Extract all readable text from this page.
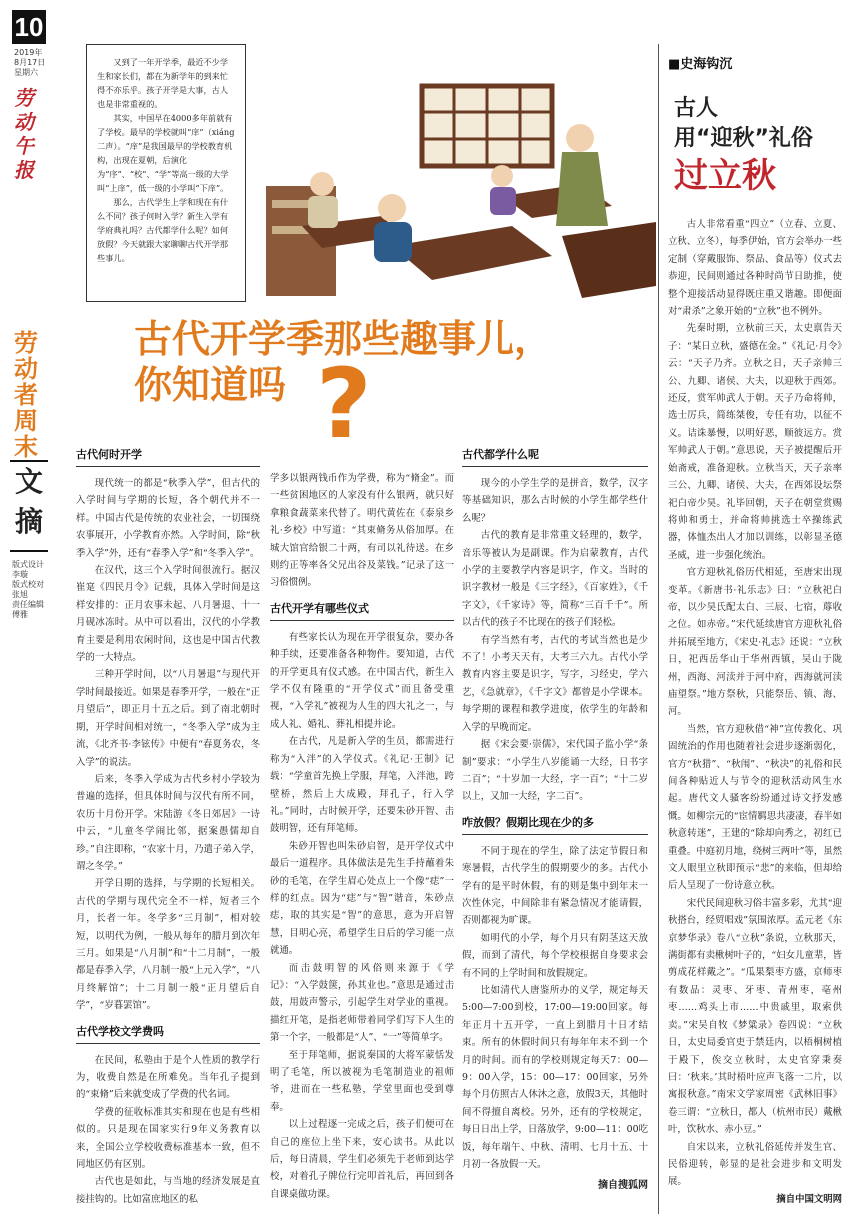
10
2019年
8月17日
星期六
劳动午报
劳动者周末
文摘
版式设计 李璇
版式校对 张旭
责任编辑 傅雅

又到了一年开学季，最近不少学生和家长们，都在为新学年的到来忙得不亦乐乎。孩子开学是大事，古人也是非常重视的。

其实，中国早在4000多年前就有了学校。最早的学校就叫“庠”（xiáng二声）。“庠”是我国最早的学校教育机构，出现在夏朝，后演化为“序”、“校”、“学”等高一级的大学叫“上庠”，低一级的小学叫“下庠”。

那么，古代学生上学和现在有什么不同？孩子何时入学？新生入学有学府典礼吗？古代都学什么呢？如何放假？今天就跟大家聊聊古代开学那些事儿。

古代开学季那些趣事儿，
你知道吗 ?
古代何时开学

现代统一的都是“秋季入学”，但古代的入学时间与学期的长短，各个朝代并不一样。中国古代是传统的农业社会，一切围绕农事展开，小学教育亦然。入学时间，除“秋季入学”外，还有“春季入学”和“冬季入学”。

在汉代，这三个入学时间很流行。据汉崔寔《四民月令》记载，具体入学时间是这样安排的：正月农事未起、八月暑退、十一月砚冰冻时。从中可以看出，汉代的小学教育主要是利用农闲时间，这也是中国古代教学的一大特点。

三种开学时间，以“八月暑退”与现代开学时间最接近。如果是春季开学，一般在“正月望后”，即正月十五之后。到了南北朝时期，开学时间相对统一，“冬季入学”成为主流，《北齐书·李铉传》中便有“春夏务农，冬入学”的说法。

后来，冬季入学成为古代乡村小学较为普遍的选择，但具体时间与汉代有所不同，农历十月份开学。宋陆游《冬日郊居》一诗中云，“儿童冬学闹比邻，据案愚儒却自珍。”自注即称，“农家十月，乃遣子弟入学，谓之冬学。”

开学日期的选择，与学期的长短相关。古代的学期与现代完全不一样，短者三个月，长者一年。冬学多“三月制”，相对较短，以明代为例，一般从每年的腊月到次年三月。如果是“八月制”和“十二月制”，一般都是春季入学，八月制一般“上元入学”，“八月终解馆”；十二月制一般“正月望后自学”，“岁暮罢馆”。

古代学校文学费吗

在民间，私塾由于是个人性质的教学行为，收费自然是在所难免。当年孔子提到的“束脩”后来就变成了学费的代名词。

学费的征收标准其实和现在也是有些相似的。只是现在国家实行9年义务教育以来，全国公立学校收费标准基本一致，但不同地区仍有区别。

古代也是如此，与当地的经济发展是直接挂钩的。比如富庶地区的私

学多以银两钱币作为学费，称为“脩金”。而一些贫困地区的人家没有什么银两，就只好拿粮食蔬菜来代替了。明代黄佐在《泰泉乡礼·乡校》中写道：“其束脩务从俗加厚。在城大馆官给银二十两，有司以礼待送。在乡则约正等率各父兄出谷及菜钱。”记录了这一习俗惯例。

古代开学有哪些仪式

有些家长认为现在开学很复杂，要办各种手续，还要准备各种物件。要知道，古代的开学更具有仪式感。在中国古代，新生入学不仅有隆重的“开学仪式”而且备受重视，“入学礼”被视为人生的四大礼之一，与成人礼、婚礼、葬礼相提并论。

在古代，凡是新入学的生员，都需进行称为“入泮”的入学仪式。《礼记·王制》记载：“学童首先换上学服，拜笔，入泮池，跨壁桥，然后上大成殿，拜孔子，行入学礼。”同时，古时候开学，还要朱砂开智、击鼓明智，还有拜笔师。

朱砂开智也叫朱砂启智，是开学仪式中最后一道程序。具体做法是先生手持蘸着朱砂的毛笔，在学生眉心处点上一个像“痣”一样的红点。因为“痣”与“智”谐音，朱砂点痣，取的其实是“智”的意思，意为开启智慧，目明心亮，希望学生日后的学习能一点就通。

而击鼓明智的风俗则来源于《学记》：“入学鼓箧，孙其业也。”意思是通过击鼓，用鼓声警示，引起学生对学业的重视。描红开笔，是指老师带着同学们写下人生的第一个字，一般都是“人”、“一”等简单字。

至于拜笔师，据说秦国的大将军蒙恬发明了毛笔，所以被视为毛笔制造业的祖师爷，进而在一些私塾，学堂里面也受到尊奉。

以上过程逐一完成之后，孩子们便可在自己的座位上坐下来，安心读书。从此以后，每日清晨，学生们必须先于老师到达学校，对着孔子牌位行完叩首礼后，再回到各自课桌做功课。

古代都学什么呢

现今的小学生学的是拼音，数学，汉字等基础知识，那么古时候的小学生都学些什么呢？

古代的教育是非常重文轻理的，数学，音乐等被认为是副课。作为启蒙教育，古代小学的主要教学内容是识字，作文。当时的识字教材一般是《三字经》，《百家姓》，《千字文》，《千家诗》等，简称“三百千千”。所以古代的孩子不比现在的孩子们轻松。

有学当然有考，古代的考试当然也是少不了！小考天天有，大考三六九。古代小学教育内容主要是识字，写字，习经史，学六艺，《急就章》，《千字文》都曾是小学课本。每学期的课程和教学进度，依学生的年龄和入学的早晚而定。

据《宋会要·崇儒》，宋代国子监小学“条制”要求：“小学生八岁能诵一大经，日书字二百”；“十岁加一大经，字一百”；“十二岁以上，又加一大经，字二百”。

咋放假？假期比现在少的多

不同于现在的学生，除了法定节假日和寒暑假，古代学生的假期要少的多。古代小学有的是平时休假，有的则是集中到年末一次性休完，中间除非有紧急情况才能请假，否则都视为旷课。

如明代的小学，每个月只有阴茎这天放假，而到了清代，每个学校根据自身要求会有不同的上学时间和放假规定。

比如清代人唐鉴所办的义学，规定每天5:00—7:00到校，17:00—19:00回家。每年正月十五开学，一直上到腊月十日才结束。所有的休假时间只有每年年末不到一个月的时间。而有的学校则规定每天7：00—9：00入学，15：00—17：00回家，另外每个月仿照古人休沐之意，放假3天，其他时间不得擅自离校。另外，还有的学校规定，每日日出上学，日落放学，9:00—11：00吃饭，每年端午、中秋、清明、七月十五、十月初一各放假一天。

摘自搜狐网

■史海钩沉
古人
用“迎秋”礼俗
过立秋

古人非常看重“四立”（立春、立夏、立秋、立冬），每季伊始，官方会举办一些定制（穿戴服饰、祭品、食品等）仪式去恭迎，民间则通过各种时尚节日助推，使整个迎接活动显得既庄重又谐趣。即便面对“肃杀”之象开始的“立秋”也不例外。

先秦时期，立秋前三天，太史禀告天子：“某日立秋，盛德在金。”《礼记·月令》云：“天子乃齐。立秋之日，天子亲帅三公、九卿、诸侯、大夫，以迎秋于西郊。还反，赏军帅武人于朝。天子乃命将帅，选士厉兵，简练桀俊，专任有功，以征不义。诘诛暴慢，以明好恶，顺彼远方。赏军帅武人于朝。”意思说，天子被提醒后开始斋戒，准备迎秋。立秋当天，天子亲率三公、九卿、诸侯、大夫，在西郊设坛祭祀白帝少昊。礼毕回朝，天子在朝堂赏赐将帅和勇士，并命将帅挑选士卒操练武器，体恤杰出人才加以训练，以彰显圣德圣威，进一步强化统治。

官方迎秋礼俗历代相延，至唐宋出现变革。《新唐书·礼乐志》曰：“立秋祀白帝，以少昊氏配太白、三辰、七宿，蓐收之位。如赤帝。”宋代延续唐官方迎秋礼俗并拓展至地方，《宋史·礼志》还说：“立秋日，祀西岳华山于华州西镇，吴山于陇州，西海、河渎并于河中府，西海就河渎庙望祭。”地方祭秋，只能祭岳、镇、海、河。

当然，官方迎秋借“神”宣传教化、巩固统治的作用也随着社会进步逐渐弱化，官方“秋猎”、“秋闱”、“秋决”的礼俗和民间各种贴近人与节令的迎秋活动风生水起。唐代文人骚客纷纷通过诗文抒发感慨。如柳宗元的“宦情羁思共凄凄，春半如秋意转迷”，王建的“除却向秀之，初红已重叠。中庭初月地，绕树三两叶”等，虽然文人眼里立秋即预示“悲”的来临，但却给后人呈现了一份诗意立秋。

宋代民间迎秋习俗丰富多彩，尤其“迎秋搭台，经贸唱戏”氛围浓厚。孟元老《东京梦华录》卷八“立秋”条说，立秋那天，满街都有卖楸树叶子的，“妇女儿童辈，皆剪成花样戴之”。“瓜果梨枣方盛，京师枣有数品：灵枣、牙枣、青州枣，亳州枣……鸡头上市……中贵戚里，取索供卖。”宋吴自牧《梦粱录》卷四说：“立秋日，太史局委官吏于禁廷内，以梧桐树植于殿下，俟交立秋时，太史官穿秉奏曰：‘秋来。’其时梧叶应声飞落一二片，以寓报秋意。”南宋文学家周密《武林旧事》卷三谓：“立秋日，都人（杭州市民）戴楸叶，饮秋水、赤小豆。”

自宋以来，立秋礼俗延传并发生官、民俗迎转，彰显的是社会进步和文明发展。

摘自中国文明网
